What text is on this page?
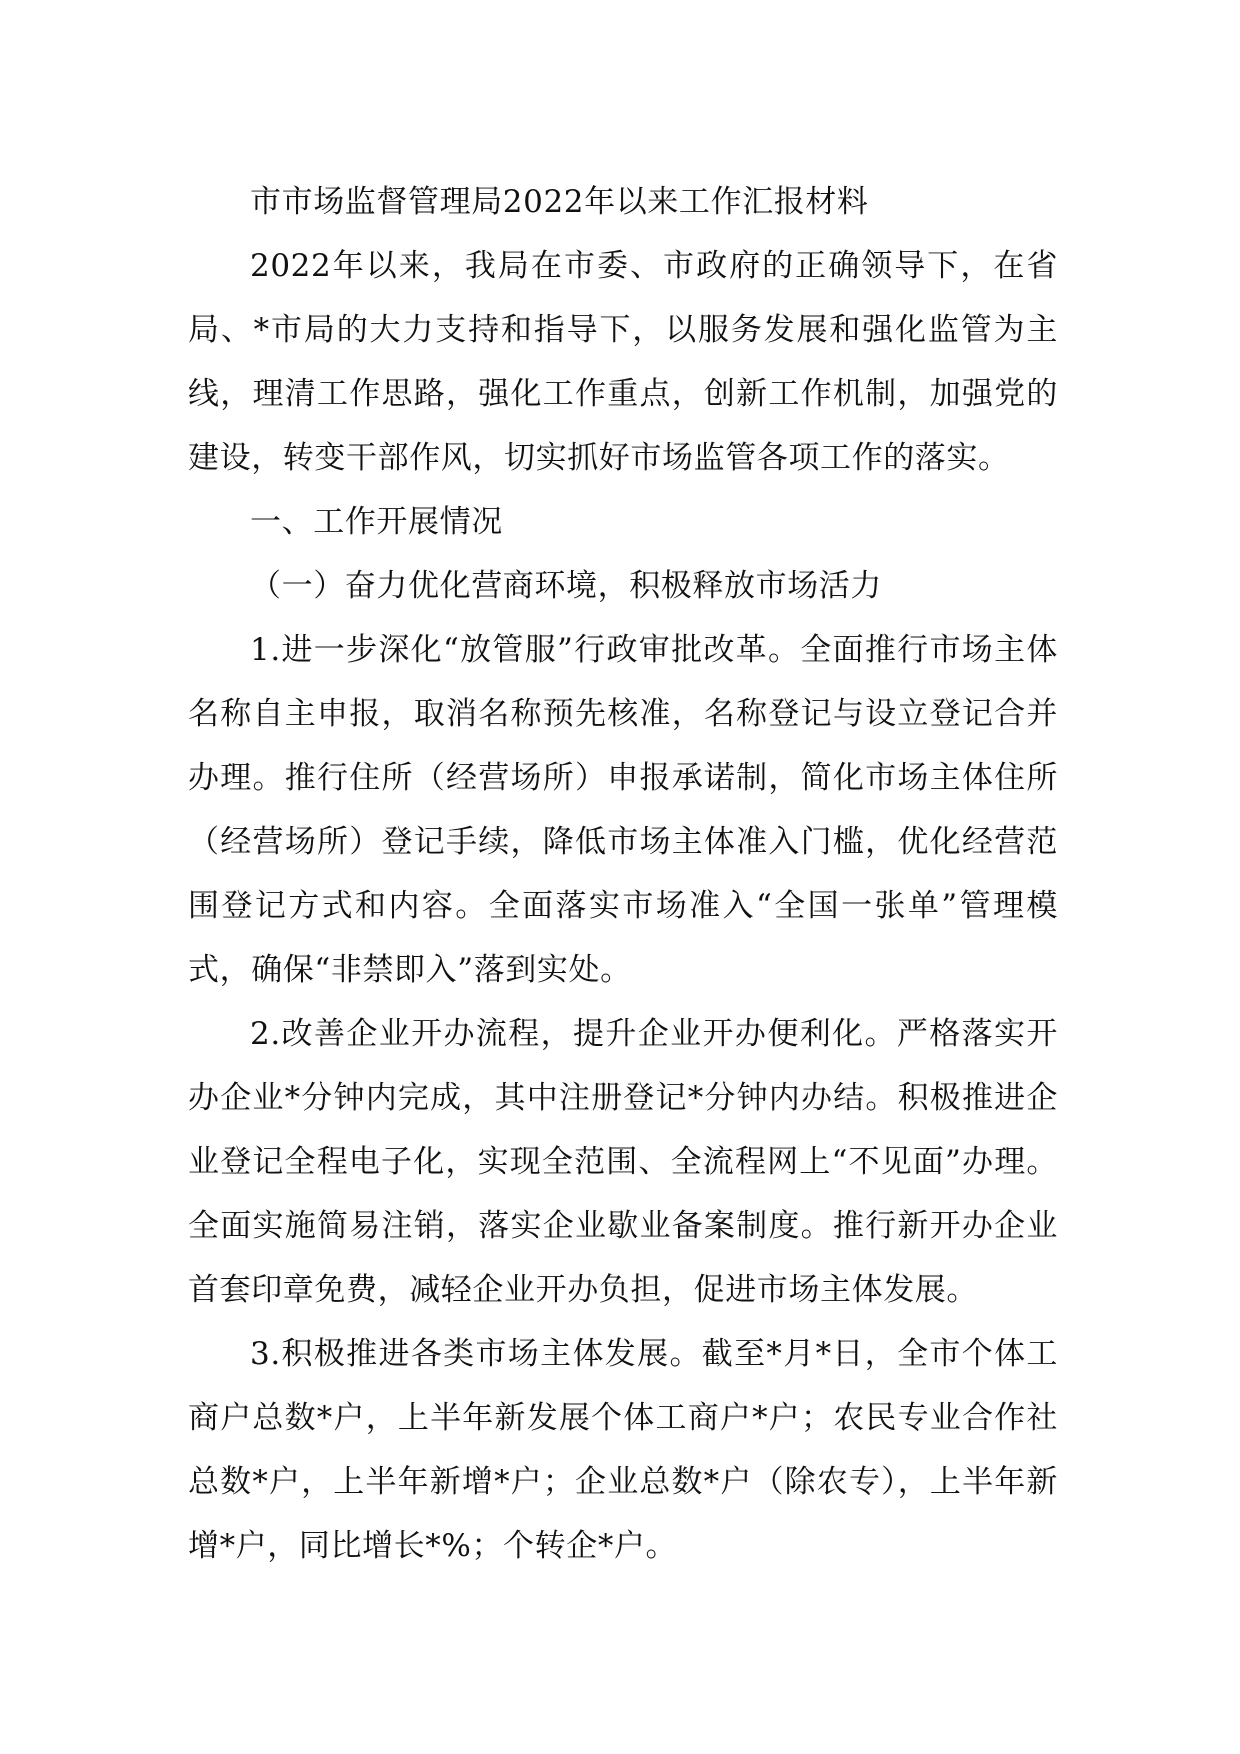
市市场监督管理局2022年以来工作汇报材料

2022年以来，我局在市委、市政府的正确领导下，在省局、*市局的大力支持和指导下，以服务发展和强化监管为主线，理清工作思路，强化工作重点，创新工作机制，加强党的建设，转变干部作风，切实抓好市场监管各项工作的落实。

一、工作开展情况

（一）奋力优化营商环境，积极释放市场活力

1.进一步深化“放管服”行政审批改革。全面推行市场主体名称自主申报，取消名称预先核准，名称登记与设立登记合并办理。推行住所（经营场所）申报承诺制，简化市场主体住所（经营场所）登记手续，降低市场主体准入门槛，优化经营范围登记方式和内容。全面落实市场准入“全国一张单”管理模式，确保“非禁即入”落到实处。

2.改善企业开办流程，提升企业开办便利化。严格落实开办企业*分钟内完成，其中注册登记*分钟内办结。积极推进企业登记全程电子化，实现全范围、全流程网上“不见面”办理。全面实施简易注销，落实企业歇业备案制度。推行新开办企业首套印章免费，减轻企业开办负担，促进市场主体发展。

3.积极推进各类市场主体发展。截至*月*日，全市个体工商户总数*户，上半年新发展个体工商户*户；农民专业合作社总数*户，上半年新增*户；企业总数*户（除农专），上半年新增*户，同比增长*%；个转企*户。
